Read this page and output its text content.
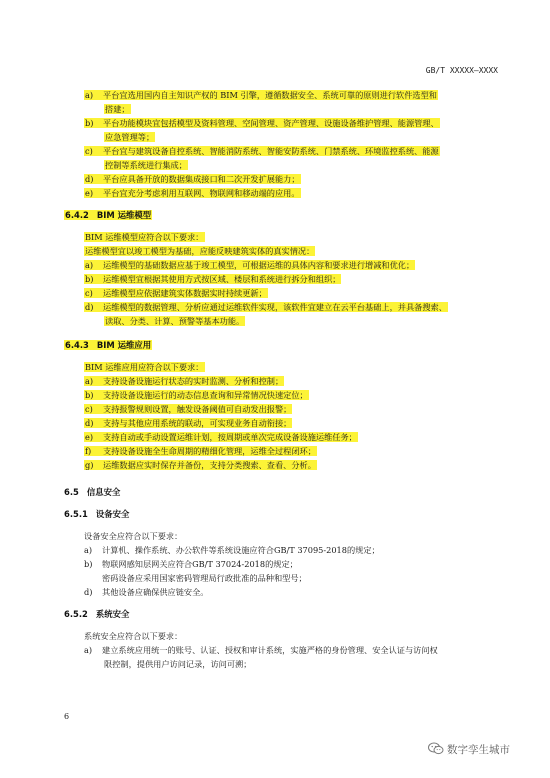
GB/T XXXXX—XXXX
a) 平台宜选用国内自主知识产权的 BIM 引擎，遵循数据安全、系统可靠的原则进行软件选型和
搭建；
b) 平台功能模块宜包括模型及资料管理、空间管理、资产管理、设施设备维护管理、能源管理、
应急管理等；
c) 平台宜与建筑设备自控系统、智能消防系统、智能安防系统、门禁系统、环境监控系统、能源
控制等系统进行集成；
d) 平台应具备开放的数据集成接口和二次开发扩展能力；
e) 平台宜充分考虑利用互联网、物联网和移动端的应用。
6.4.2 BIM 运维模型
BIM 运维模型应符合以下要求：
运维模型宜以竣工模型为基础，应能反映建筑实体的真实情况：
a) 运维模型的基础数据应基于竣工模型，可根据运维的具体内容和要求进行增减和优化；
b) 运维模型宜根据其使用方式按区域、楼层和系统进行拆分和组织；
c) 运维模型应依据建筑实体数据实时持续更新；
d) 运维模型的数据管理、分析应通过运维软件实现，该软件宜建立在云平台基础上，并具备搜索、
读取、分类、计算、预警等基本功能。
6.4.3 BIM 运维应用
BIM 运维应用应符合以下要求：
a) 支持设备设施运行状态的实时监测、分析和控制；
b) 支持设备设施运行的动态信息查询和异常情况快速定位；
c) 支持报警规则设置，触发设备阈值可自动发出报警；
d) 支持与其他应用系统的联动，可实现业务自动衔接；
e) 支持自动或手动设置运维计划，按周期或单次完成设备设施运维任务；
f) 支持设备设施全生命周期的精细化管理，运维全过程闭环；
g) 运维数据应实时保存并备份，支持分类搜索、查看、分析。
6.5 信息安全
6.5.1 设备安全
设备安全应符合以下要求：
a) 计算机、操作系统、办公软件等系统设施应符合GB/T 37095-2018的规定；
b) 物联网感知层网关应符合GB/T 37024-2018的规定；
密码设备应采用国家密码管理局行政批准的品种和型号；
d) 其他设备应确保供应链安全。
6.5.2 系统安全
系统安全应符合以下要求：
a) 建立系统应用统一的账号、认证、授权和审计系统，实施严格的身份管理、安全认证与访问权
限控制，提供用户访问记录，访问可溯；
6
数字孪生城市
